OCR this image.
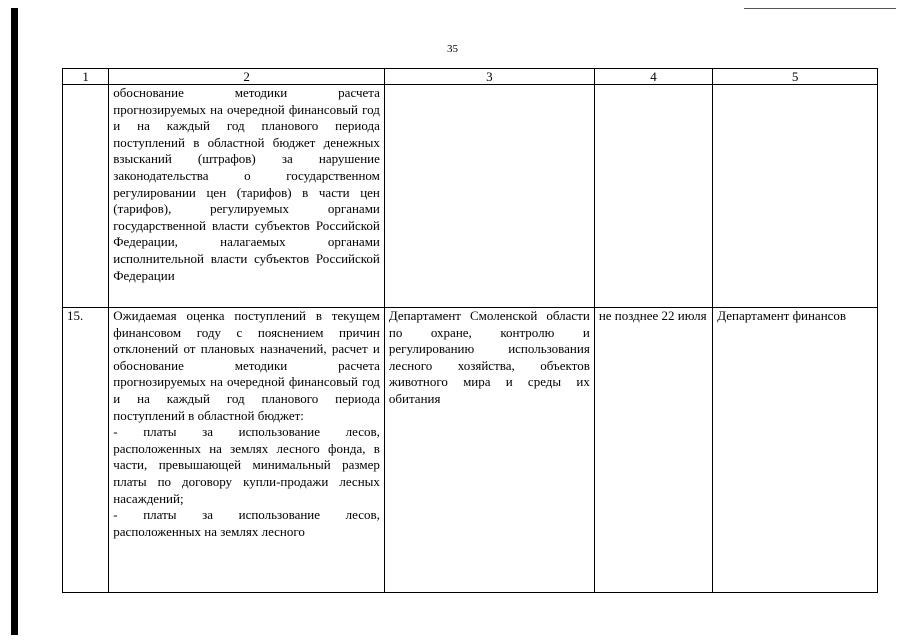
35
1	2	3	4	5

	обоснование методики расчета прогнозируемых на очередной финансовый год и на каждый год планового периода поступлений в областной бюджет денежных взысканий (штрафов) за нарушение законодательства о государственном регулировании цен (тарифов) в части цен (тарифов), регулируемых органами государственной власти субъектов Российской Федерации, налагаемых органами исполнительной власти субъектов Российской Федерации			

15.	Ожидаемая оценка поступлений в текущем финансовом году с пояснением причин отклонений от плановых назначений, расчет и обоснование методики расчета прогнозируемых на очередной финансовый год и на каждый год планового периода поступлений в областной бюджет:
- платы за использование лесов, расположенных на землях лесного фонда, в части, превышающей минимальный размер платы по договору купли-продажи лесных насаждений;
- платы за использование лесов, расположенных на землях лесного	Департамент Смоленской области по охране, контролю и регулированию использования лесного хозяйства, объектов животного мира и среды их обитания	не позднее 22 июля	Департамент финансов
